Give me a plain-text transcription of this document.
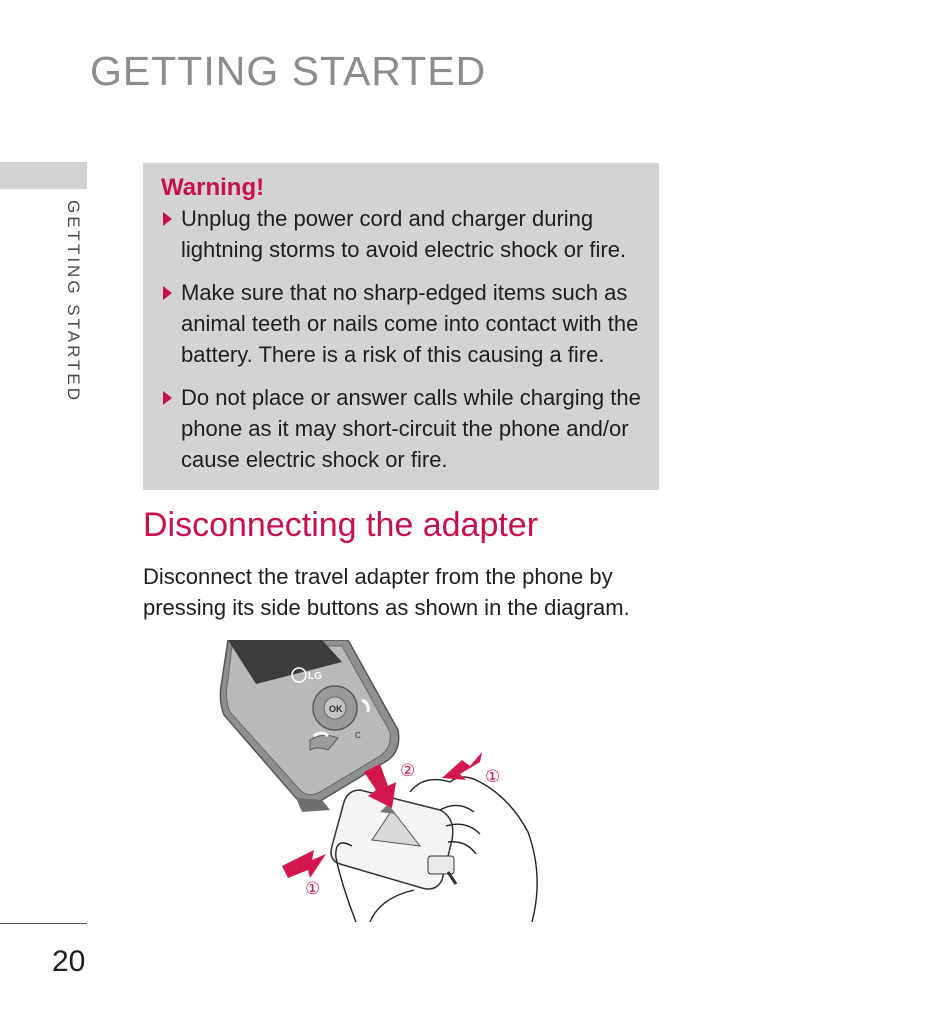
GETTING STARTED
GETTING STARTED
Warning!
Unplug the power cord and charger during lightning storms to avoid electric shock or fire.
Make sure that no sharp-edged items such as animal teeth or nails come into contact with the battery. There is a risk of this causing a fire.
Do not place or answer calls while charging the phone as it may short-circuit the phone and/or cause electric shock or fire.
Disconnecting the adapter

Disconnect the travel adapter from the phone by pressing its side buttons as shown in the diagram.

LG
OK
C
②	①
①
20
